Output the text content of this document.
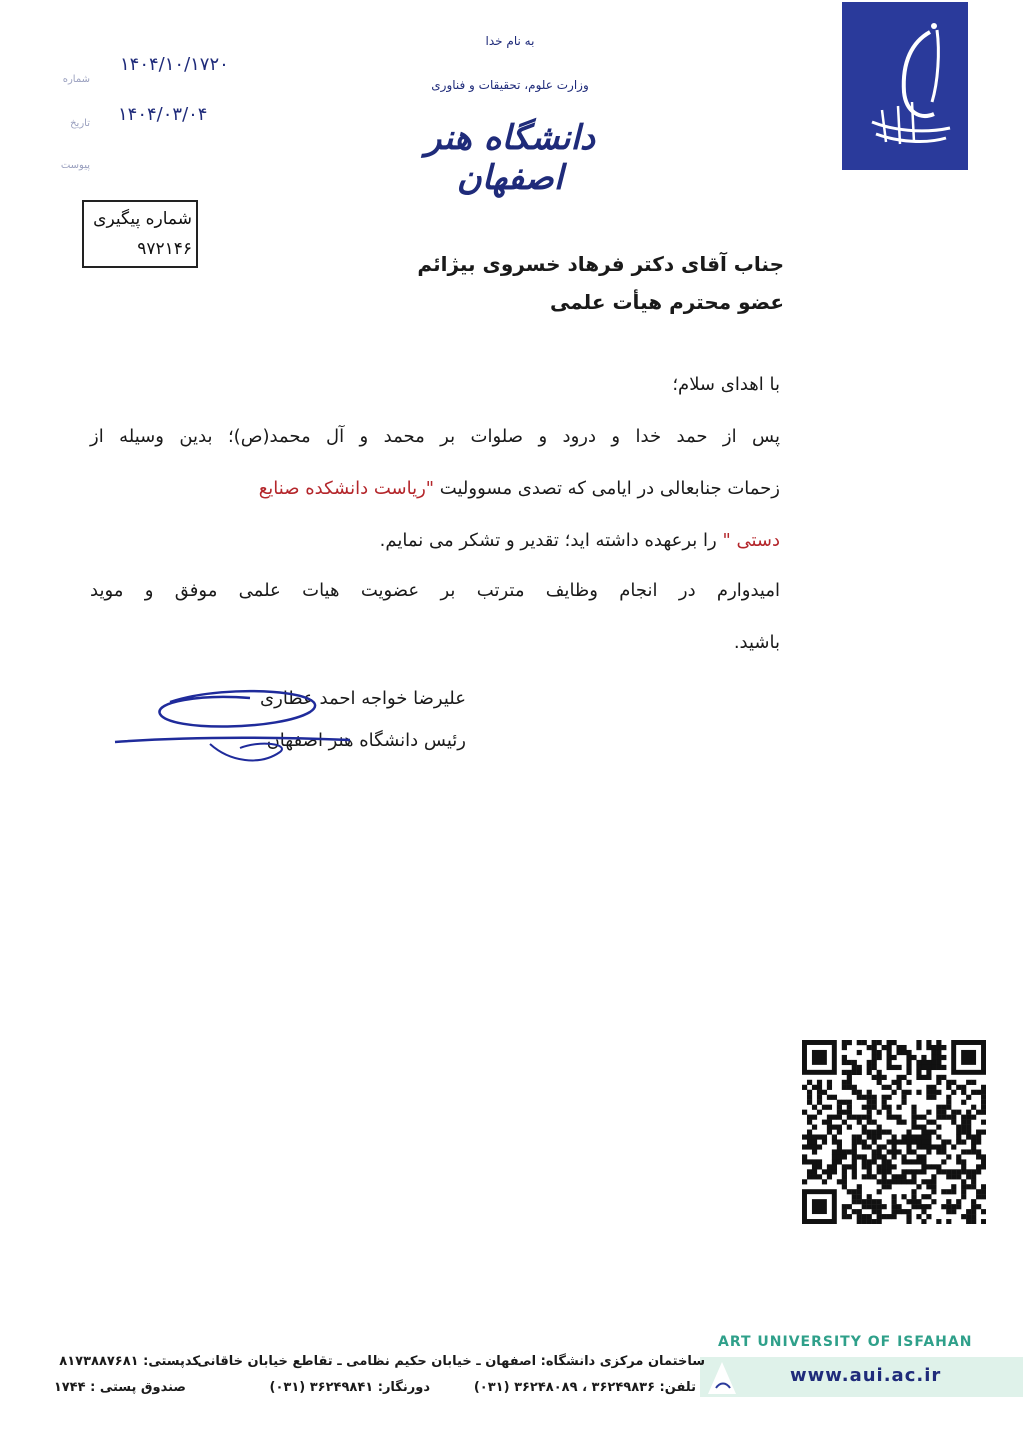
به نام خدا
وزارت علوم، تحقیقات و فناوری
دانشگاه هنر اصفهان
شماره
۱۴۰۴/۱۰/۱۷۲۰
تاریخ ۱۴۰۴/۰۳/۰۴
پیوست
شماره پیگیری
۹۷۲۱۴۶
جناب آقای دکتر فرهاد خسروی بیژائم
عضو محترم هیأت علمی
با اهدای سلام؛
پس از حمد خدا و درود و صلوات بر محمد و آل محمد(ص)؛ بدین وسیله از
زحمات جنابعالی در ایامی که تصدی مسوولیت "ریاست دانشکده صنایع
دستی " را برعهده داشته اید؛ تقدیر و تشکر می نمایم.
امیدوارم در انجام وظایف مترتب بر عضویت هیات علمی موفق و موید
باشید.
علیرضا خواجه احمد عطاری
رئیس دانشگاه هنر اصفهان
ART UNIVERSITY OF ISFAHAN
www.aui.ac.ir
ساختمان مرکزی دانشگاه: اصفهان ـ خیابان حکیم نظامی ـ تقاطع خیابان خاقانی
تلفن: ۳۶۲۴۹۸۳۶ ، ۳۶۲۴۸۰۸۹ (۰۳۱)
دورنگار: ۳۶۲۴۹۸۴۱ (۰۳۱)
کدپستی: ۸۱۷۳۸۸۷۶۸۱
صندوق پستی : ۱۷۴۴
